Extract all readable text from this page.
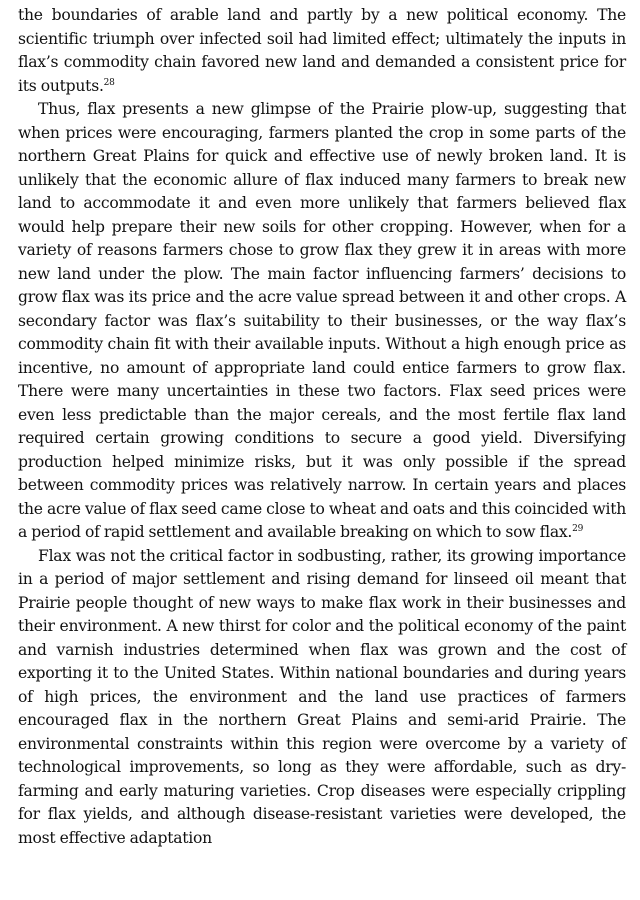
the boundaries of arable land and partly by a new political economy. The scientific triumph over infected soil had limited effect; ultimately the inputs in flax’s commodity chain favored new land and demanded a consistent price for its outputs.$^{28}$

Thus, flax presents a new glimpse of the Prairie plow-up, suggesting that when prices were encouraging, farmers planted the crop in some parts of the northern Great Plains for quick and effective use of newly broken land. It is unlikely that the economic allure of flax induced many farmers to break new land to accommodate it and even more unlikely that farmers believed flax would help prepare their new soils for other cropping. However, when for a variety of reasons farmers chose to grow flax they grew it in areas with more new land under the plow. The main factor influencing farmers’ decisions to grow flax was its price and the acre value spread between it and other crops. A secondary factor was flax’s suitability to their businesses, or the way flax’s commodity chain fit with their available inputs. Without a high enough price as incentive, no amount of appropriate land could entice farmers to grow flax. There were many uncertainties in these two factors. Flax seed prices were even less predictable than the major cereals, and the most fertile flax land required certain growing conditions to secure a good yield. Diversifying production helped minimize risks, but it was only possible if the spread between commodity prices was relatively narrow. In certain years and places the acre value of flax seed came close to wheat and oats and this coincided with a period of rapid settlement and available breaking on which to sow flax.$^{29}$

Flax was not the critical factor in sodbusting, rather, its growing importance in a period of major settlement and rising demand for linseed oil meant that Prairie people thought of new ways to make flax work in their businesses and their environment. A new thirst for color and the political economy of the paint and varnish industries determined when flax was grown and the cost of exporting it to the United States. Within national boundaries and during years of high prices, the environment and the land use practices of farmers encouraged flax in the northern Great Plains and semi-arid Prairie. The environmental constraints within this region were overcome by a variety of technological improvements, so long as they were affordable, such as dry-farming and early maturing varieties. Crop diseases were especially crippling for flax yields, and although disease-resistant varieties were developed, the most effective adaptation
